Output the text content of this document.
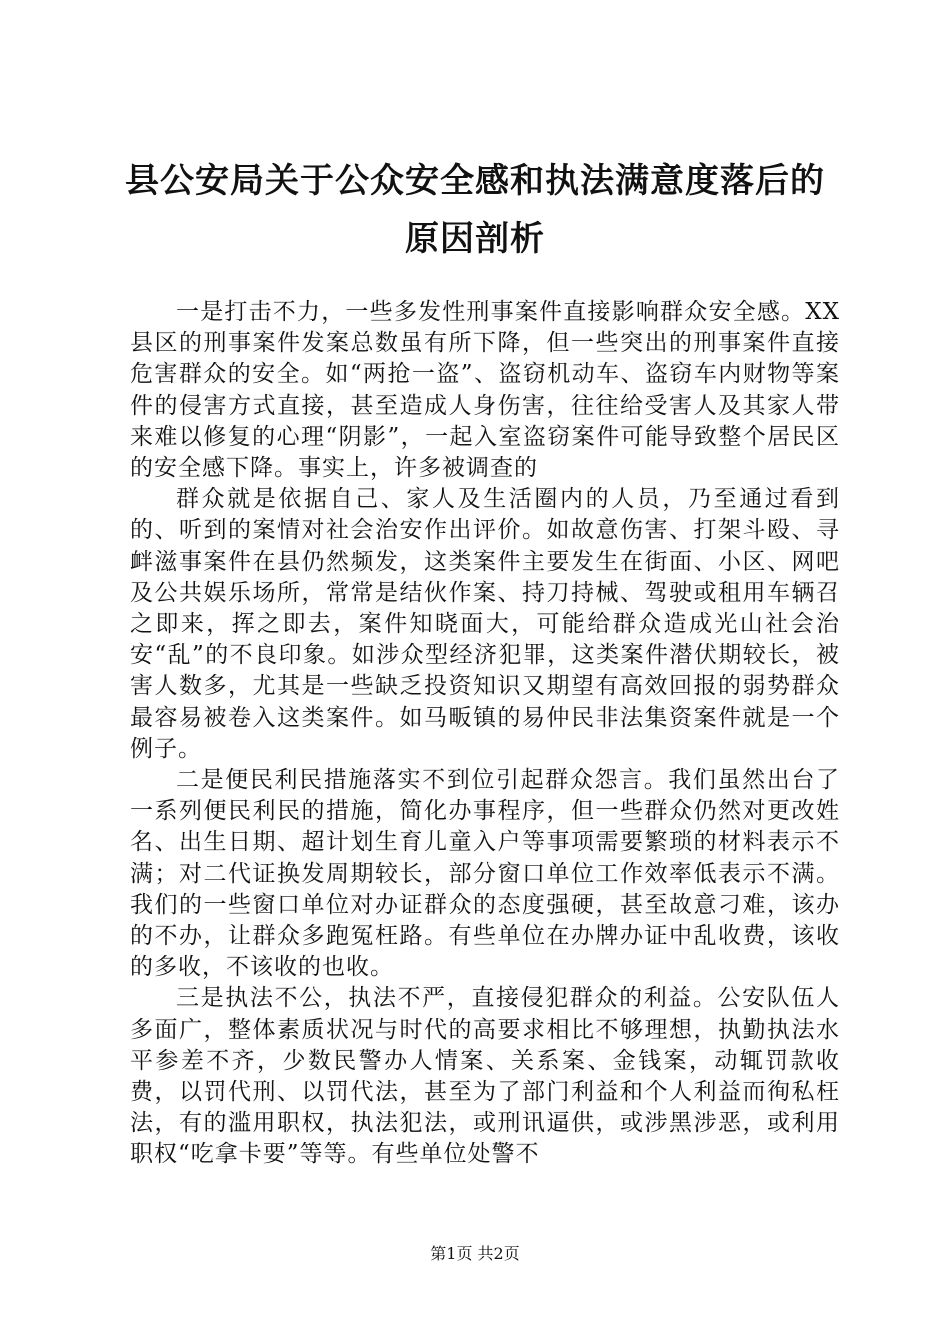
县公安局关于公众安全感和执法满意度落后的
原因剖析

一是打击不力，一些多发性刑事案件直接影响群众安全感。XX县区的刑事案件发案总数虽有所下降，但一些突出的刑事案件直接危害群众的安全。如“两抢一盗”、盗窃机动车、盗窃车内财物等案件的侵害方式直接，甚至造成人身伤害，往往给受害人及其家人带来难以修复的心理“阴影”，一起入室盗窃案件可能导致整个居民区的安全感下降。事实上，许多被调查的

群众就是依据自己、家人及生活圈内的人员，乃至通过看到的、听到的案情对社会治安作出评价。如故意伤害、打架斗殴、寻衅滋事案件在县仍然频发，这类案件主要发生在街面、小区、网吧及公共娱乐场所，常常是结伙作案、持刀持械、驾驶或租用车辆召之即来，挥之即去，案件知晓面大，可能给群众造成光山社会治安“乱”的不良印象。如涉众型经济犯罪，这类案件潜伏期较长，被害人数多，尤其是一些缺乏投资知识又期望有高效回报的弱势群众最容易被卷入这类案件。如马畈镇的易仲民非法集资案件就是一个例子。

二是便民利民措施落实不到位引起群众怨言。我们虽然出台了一系列便民利民的措施，简化办事程序，但一些群众仍然对更改姓名、出生日期、超计划生育儿童入户等事项需要繁琐的材料表示不满；对二代证换发周期较长，部分窗口单位工作效率低表示不满。我们的一些窗口单位对办证群众的态度强硬，甚至故意刁难，该办的不办，让群众多跑冤枉路。有些单位在办牌办证中乱收费，该收的多收，不该收的也收。

三是执法不公，执法不严，直接侵犯群众的利益。公安队伍人多面广，整体素质状况与时代的高要求相比不够理想，执勤执法水平参差不齐，少数民警办人情案、关系案、金钱案，动辄罚款收费，以罚代刑、以罚代法，甚至为了部门利益和个人利益而徇私枉法，有的滥用职权，执法犯法，或刑讯逼供，或涉黑涉恶，或利用职权“吃拿卡要”等等。有些单位处警不

第1页 共2页
